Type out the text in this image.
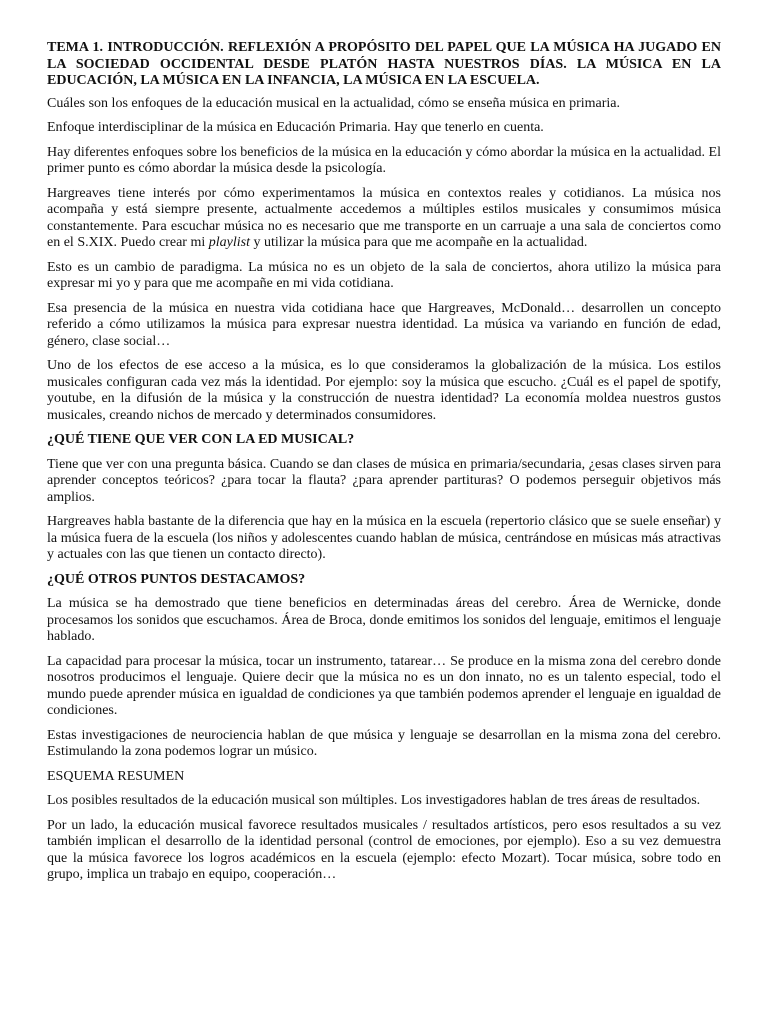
TEMA 1. INTRODUCCIÓN. REFLEXIÓN A PROPÓSITO DEL PAPEL QUE LA MÚSICA HA JUGADO EN LA SOCIEDAD OCCIDENTAL DESDE PLATÓN HASTA NUESTROS DÍAS. LA MÚSICA EN LA EDUCACIÓN, LA MÚSICA EN LA INFANCIA, LA MÚSICA EN LA ESCUELA.

Cuáles son los enfoques de la educación musical en la actualidad, cómo se enseña música en primaria.

Enfoque interdisciplinar de la música en Educación Primaria. Hay que tenerlo en cuenta.

Hay diferentes enfoques sobre los beneficios de la música en la educación y cómo abordar la música en la actualidad. El primer punto es cómo abordar la música desde la psicología.

Hargreaves tiene interés por cómo experimentamos la música en contextos reales y cotidianos. La música nos acompaña y está siempre presente, actualmente accedemos a múltiples estilos musicales y consumimos música constantemente. Para escuchar música no es necesario que me transporte en un carruaje a una sala de conciertos como en el S.XIX. Puedo crear mi playlist y utilizar la música para que me acompañe en la actualidad.

Esto es un cambio de paradigma. La música no es un objeto de la sala de conciertos, ahora utilizo la música para expresar mi yo y para que me acompañe en mi vida cotidiana.

Esa presencia de la música en nuestra vida cotidiana hace que Hargreaves, McDonald… desarrollen un concepto referido a cómo utilizamos la música para expresar nuestra identidad. La música va variando en función de edad, género, clase social…

Uno de los efectos de ese acceso a la música, es lo que consideramos la globalización de la música. Los estilos musicales configuran cada vez más la identidad. Por ejemplo: soy la música que escucho. ¿Cuál es el papel de spotify, youtube, en la difusión de la música y la construcción de nuestra identidad? La economía moldea nuestros gustos musicales, creando nichos de mercado y determinados consumidores.

¿QUÉ TIENE QUE VER CON LA ED MUSICAL?

Tiene que ver con una pregunta básica. Cuando se dan clases de música en primaria/secundaria, ¿esas clases sirven para aprender conceptos teóricos? ¿para tocar la flauta? ¿para aprender partituras? O podemos perseguir objetivos más amplios.

Hargreaves habla bastante de la diferencia que hay en la música en la escuela (repertorio clásico que se suele enseñar) y la música fuera de la escuela (los niños y adolescentes cuando hablan de música, centrándose en músicas más atractivas y actuales con las que tienen un contacto directo).

¿QUÉ OTROS PUNTOS DESTACAMOS?

La música se ha demostrado que tiene beneficios en determinadas áreas del cerebro. Área de Wernicke, donde procesamos los sonidos que escuchamos. Área de Broca, donde emitimos los sonidos del lenguaje, emitimos el lenguaje hablado.

La capacidad para procesar la música, tocar un instrumento, tatarear… Se produce en la misma zona del cerebro donde nosotros producimos el lenguaje. Quiere decir que la música no es un don innato, no es un talento especial, todo el mundo puede aprender música en igualdad de condiciones ya que también podemos aprender el lenguaje en igualdad de condiciones.

Estas investigaciones de neurociencia hablan de que música y lenguaje se desarrollan en la misma zona del cerebro. Estimulando la zona podemos lograr un músico.

ESQUEMA RESUMEN

Los posibles resultados de la educación musical son múltiples. Los investigadores hablan de tres áreas de resultados.

Por un lado, la educación musical favorece resultados musicales / resultados artísticos, pero esos resultados a su vez también implican el desarrollo de la identidad personal (control de emociones, por ejemplo). Eso a su vez demuestra que la música favorece los logros académicos en la escuela (ejemplo: efecto Mozart). Tocar música, sobre todo en grupo, implica un trabajo en equipo, cooperación…
